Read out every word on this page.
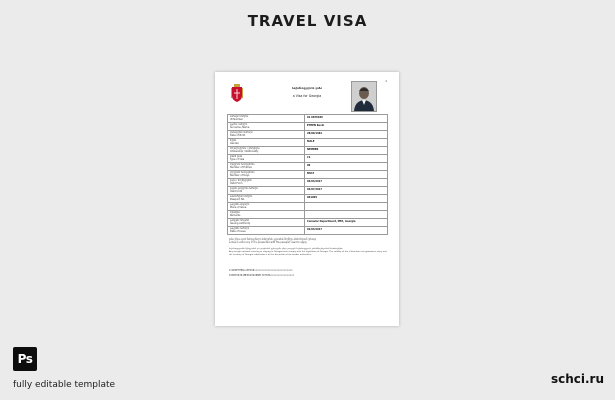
TRAVEL VISA
1
საქართველოს ვიზა
a Visa for Georgia
პირადი ნომერი
ID Number	01 0876636

გვარი, სახელი
Surname, Name	ETHEN Kevin

დაბადების თარიღი
Date of Birth	28/09/1981

სქესი
Gender	MALE

მოქალაქეობა / ეროვნება
Citizenship / Nationality	NEMBER

ვიზის ტიპი
Type of Visa	C1

შესვლის რაოდენობა
Number of Entries	06

დღეების რაოდენობა
Number of Days	MULT

ვადა / მოქმედების
Valid From	03/04/2017

ვადის გასვლის თარიღი
Valid Until	03/07/2017

პასპორტის ნომერი
Passport No.	061905

გაცემის ადგილი
Place of Issue	

შენიშვნა
Remarks	

გამცემი ორგანო
Issuing Authority	Consular Department, MFA, Georgia

გაცემის თარიღი
Date of Issue	01/03/2017
ვიზა უნდა იყოს წარდგენილი საზღვრის კვეთისას მოქმედ პასპორტთან ერთად
e-Visa is valid only if it is presented with the passport used to apply
საქართველოში შესვლისას და ყოფნისას უცხოელმა უნდა დაიცვას საქართველოს კანონმდებლობის მოთხოვნები
Any foreign national entering or staying in Georgia must comply with the legislation of Georgia. The validity of the e-Visa does not guarantee entry into the territory of Georgia; admission is at the discretion of the border authorities.
V<GEOETHEN<<KEVIN<<<<<<<<<<<<<<<<<<<<<<<<<<
0108766361MEX8109286M1707036<<<<<<<<<<<<<<<<
Ps
fully editable template	schci.ru
